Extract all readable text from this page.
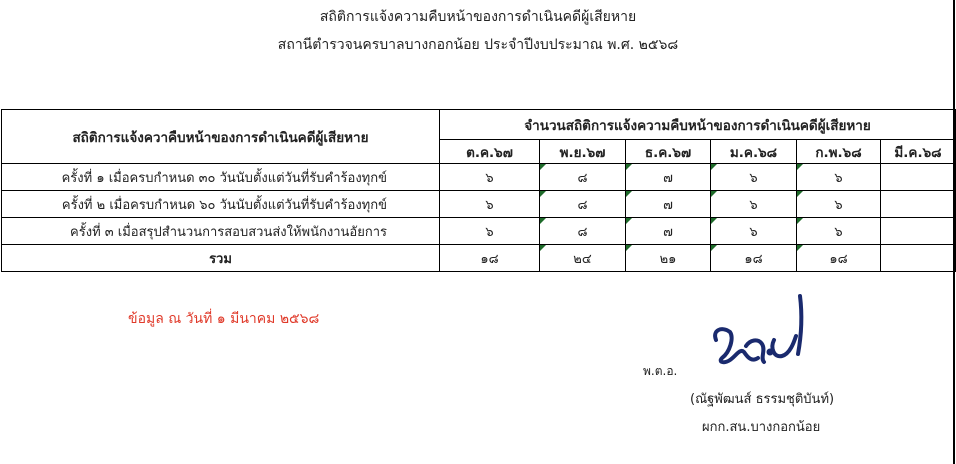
สถิติการแจ้งความคืบหน้าของการดำเนินคดีผู้เสียหาย
สถานีตำรวจนครบาลบางกอกน้อย ประจำปีงบประมาณ พ.ศ. ๒๕๖๘
สถิติการแจ้งควาคืบหน้าของการดำเนินคดีผู้เสียหาย	จำนวนสถิติการแจ้งความคืบหน้าของการดำเนินคดีผู้เสียหาย					
	ต.ค.๖๗	พ.ย.๖๗	ธ.ค.๖๗	ม.ค.๖๘	ก.พ.๖๘	มี.ค.๖๘
ครั้งที่ ๑ เมื่อครบกำหนด ๓๐ วันนับตั้งแต่วันที่รับคำร้องทุกข์	๖	๘	๗	๖	๖	
ครั้งที่ ๒ เมื่อครบกำหนด ๖๐ วันนับตั้งแต่วันที่รับคำร้องทุกข์	๖	๘	๗	๖	๖	
ครั้งที่ ๓ เมื่อสรุปสำนวนการสอบสวนส่งให้พนักงานอัยการ	๖	๘	๗	๖	๖	
รวม	๑๘	๒๔	๒๑	๑๘	๑๘	
ข้อมูล ณ วันที่ ๑ มีนาคม ๒๕๖๘
พ.ต.อ.
(ณัฐพัฒนส์ ธรรมชุติบันท์)
ผกก.สน.บางกอกน้อย
